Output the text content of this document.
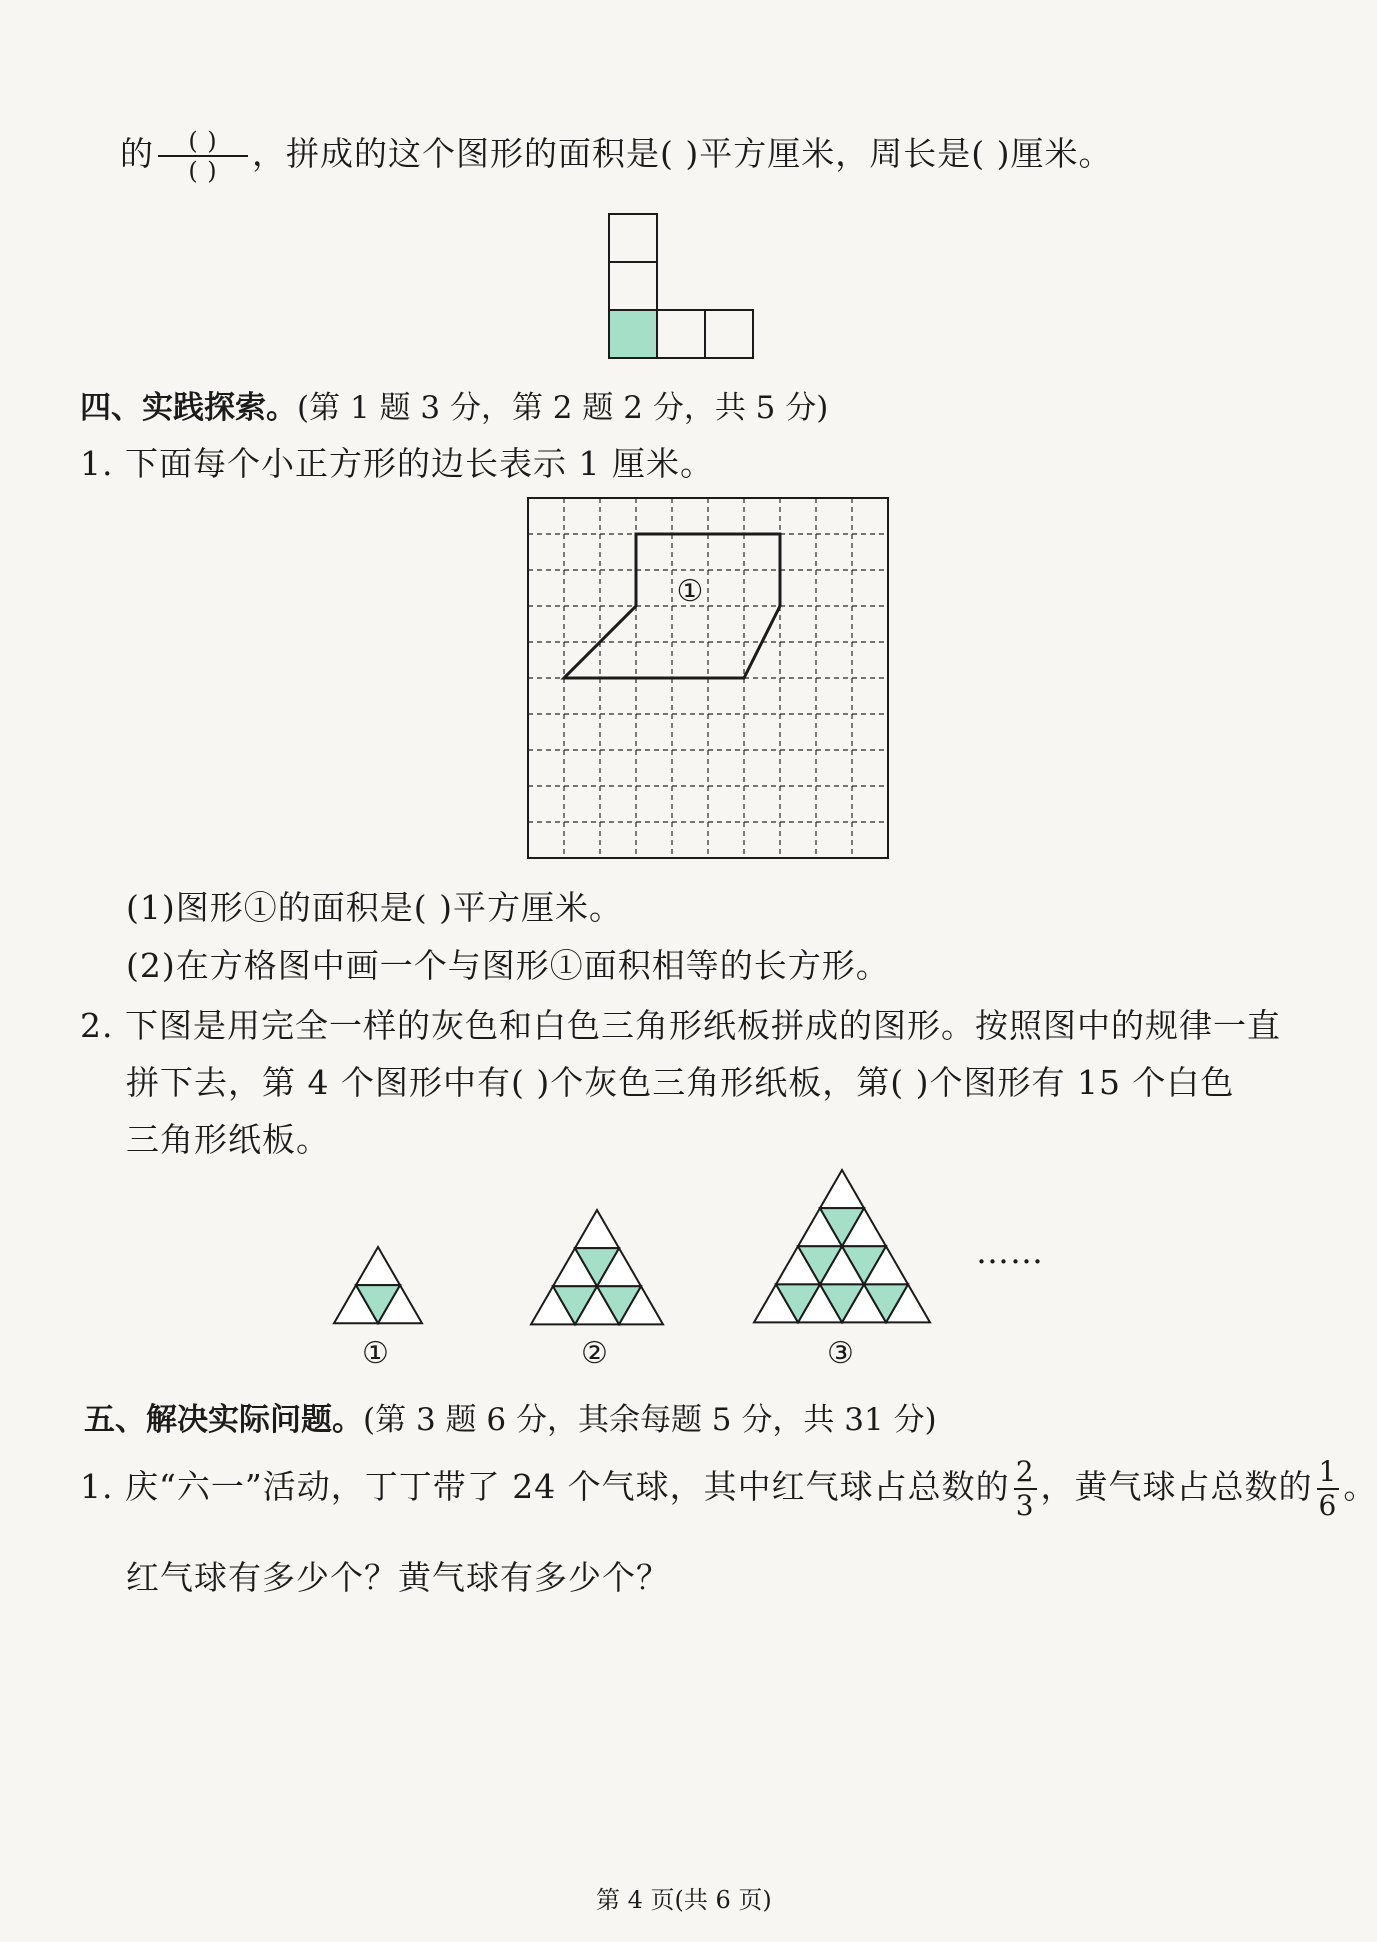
的 $\frac{( )}{( )}$ ，拼成的这个图形的面积是( )平方厘米，周长是( )厘米。
四、实践探索。(第 1 题 3 分，第 2 题 2 分，共 5 分)
1. 下面每个小正方形的边长表示 1 厘米。
①
(1)图形①的面积是( )平方厘米。
(2)在方格图中画一个与图形①面积相等的长方形。
2. 下图是用完全一样的灰色和白色三角形纸板拼成的图形。按照图中的规律一直
拼下去，第 4 个图形中有( )个灰色三角形纸板，第( )个图形有 15 个白色
三角形纸板。
①	②	③
……
五、解决实际问题。(第 3 题 6 分，其余每题 5 分，共 31 分)
1. 庆“六一”活动，丁丁带了 24 个气球，其中红气球占总数的 $\frac{2}{3}$ ，黄气球占总数的 $\frac{1}{6}$ 。
红气球有多少个？黄气球有多少个？
第 4 页(共 6 页)
